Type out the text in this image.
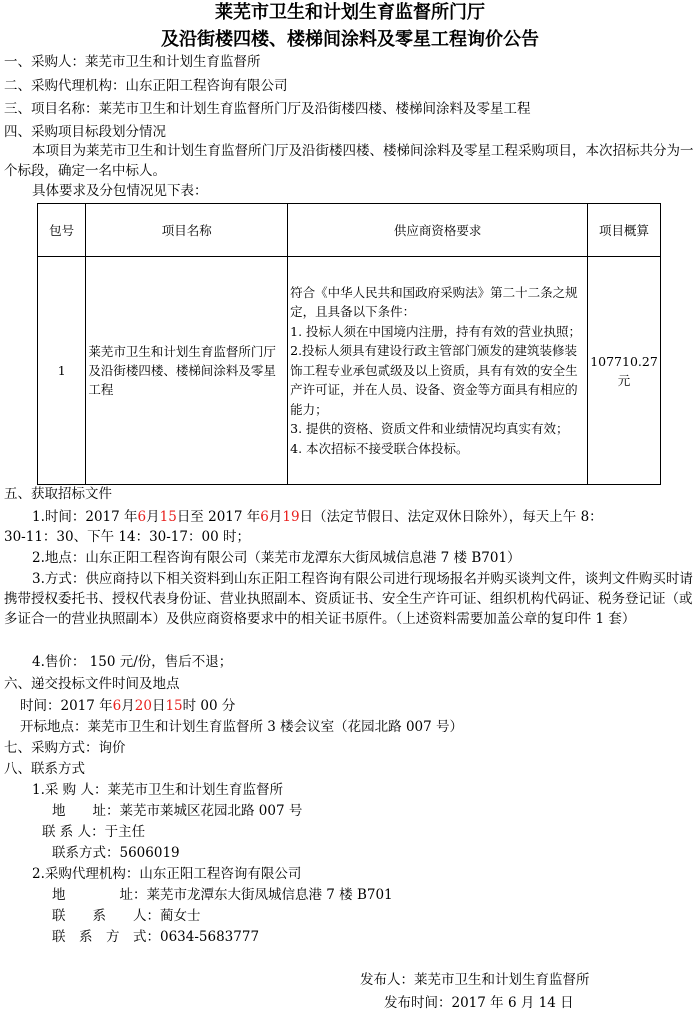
莱芜市卫生和计划生育监督所门厅
及沿街楼四楼、楼梯间涂料及零星工程询价公告
一、采购人：莱芜市卫生和计划生育监督所
二、采购代理机构：山东正阳工程咨询有限公司
三、项目名称：莱芜市卫生和计划生育监督所门厅及沿街楼四楼、楼梯间涂料及零星工程
四、采购项目标段划分情况
本项目为莱芜市卫生和计划生育监督所门厅及沿街楼四楼、楼梯间涂料及零星工程采购项目，本次招标共分为一个标段，确定一名中标人。
具体要求及分包情况见下表：
包号	项目名称	供应商资格要求	项目概算
1	莱芜市卫生和计划生育监督所门厅及沿街楼四楼、楼梯间涂料及零星工程	符合《中华人民共和国政府采购法》第二十二条之规定，且具备以下条件：
1. 投标人须在中国境内注册，持有有效的营业执照；
2.投标人须具有建设行政主管部门颁发的建筑装修装饰工程专业承包贰级及以上资质，具有有效的安全生产许可证，并在人员、设备、资金等方面具有相应的能力；
3. 提供的资格、资质文件和业绩情况均真实有效；
4. 本次招标不接受联合体投标。	107710.27元
五、获取招标文件
1.时间：2017 年6月15日至 2017 年6月19日（法定节假日、法定双休日除外），每天上午 8：
30-11：30、下午 14：30-17：00 时；
2.地点：山东正阳工程咨询有限公司（莱芜市龙潭东大街凤城信息港 7 楼 B701）
3.方式：供应商持以下相关资料到山东正阳工程咨询有限公司进行现场报名并购买谈判文件，谈判文件购买时请携带授权委托书、授权代表身份证、营业执照副本、资质证书、安全生产许可证、组织机构代码证、税务登记证（或多证合一的营业执照副本）及供应商资格要求中的相关证书原件。（上述资料需要加盖公章的复印件 1 套）
4.售价： 150 元/份，售后不退；
六、递交投标文件时间及地点
时间：2017 年6月20日15时 00 分
开标地点：莱芜市卫生和计划生育监督所 3 楼会议室（花园北路 007 号）
七、采购方式：询价
八、联系方式
1.采 购 人：莱芜市卫生和计划生育监督所
地　　址：莱芜市莱城区花园北路 007 号
联 系 人：于主任
联系方式：5606019
2.采购代理机构：山东正阳工程咨询有限公司
地　　　　址：莱芜市龙潭东大街凤城信息港 7 楼 B701
联　　系　　人：蔺女士
联　系　方　式：0634-5683777
发布人：莱芜市卫生和计划生育监督所
发布时间：2017 年 6 月 14 日
